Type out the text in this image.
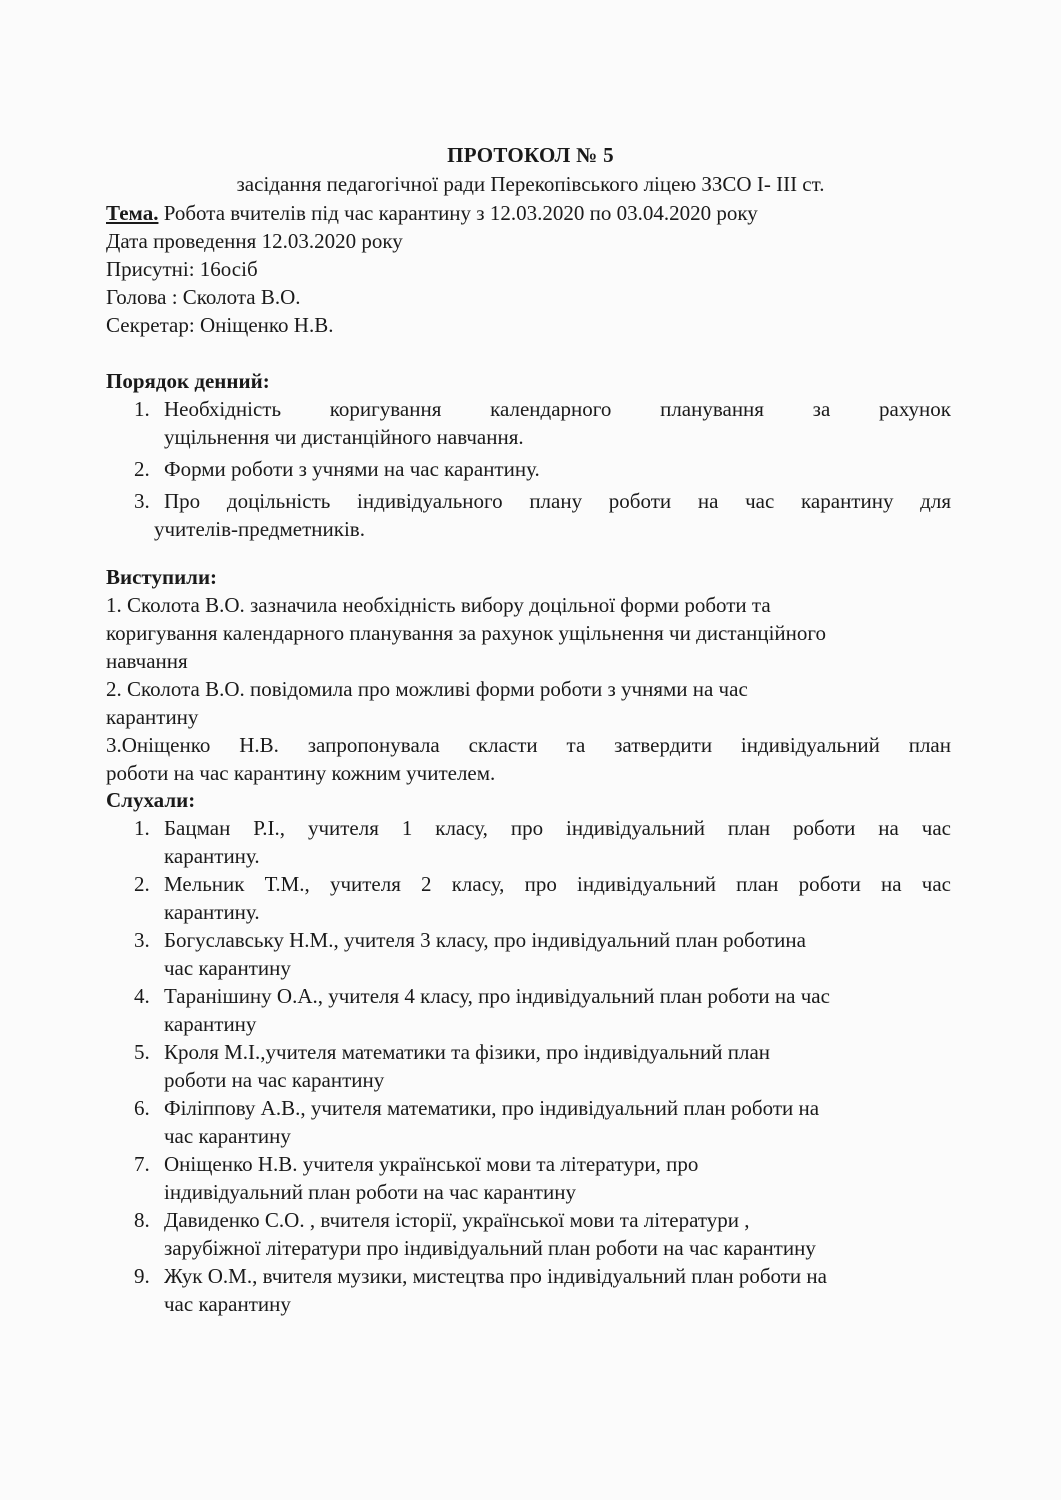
ПРОТОКОЛ № 5
засідання педагогічної ради Перекопівського ліцею ЗЗСО І- ІІІ ст.
Тема. Робота вчителів під час карантину з 12.03.2020 по 03.04.2020 року
Дата проведення 12.03.2020 року
Присутні: 16осіб
Голова : Сколота В.О.
Секретар: Оніщенко Н.В.
Порядок денний:
1. Необхідність коригування календарного планування за рахунок
ущільнення чи дистанційного навчання.
2. Форми роботи з учнями на час карантину.
3. Про доцільність індивідуального плану роботи на час карантину для
учителів-предметників.
Виступили:
1. Сколота В.О. зазначила необхідність вибору доцільної форми роботи та
коригування календарного планування за рахунок ущільнення чи дистанційного
навчання
2. Сколота В.О. повідомила про можливі форми роботи з учнями на час
карантину
3.Оніщенко Н.В. запропонувала скласти та затвердити індивідуальний план
роботи на час карантину кожним учителем.
Слухали:
1. Бацман Р.І., учителя 1 класу, про індивідуальний план роботи на час
карантину.
2. Мельник Т.М., учителя 2 класу, про індивідуальний план роботи на час
карантину.
3. Богуславську Н.М., учителя 3 класу, про індивідуальний план роботина
час карантину
4. Таранішину О.А., учителя 4 класу, про індивідуальний план роботи на час
карантину
5. Кроля М.І.,учителя математики та фізики, про індивідуальний план
роботи на час карантину
6. Філіппову А.В., учителя математики, про індивідуальний план роботи на
час карантину
7. Оніщенко Н.В. учителя української мови та літератури, про
індивідуальний план роботи на час карантину
8. Давиденко С.О. , вчителя історії, української мови та літератури ,
зарубіжної літератури про індивідуальний план роботи на час карантину
9. Жук О.М., вчителя музики, мистецтва про індивідуальний план роботи на
час карантину
